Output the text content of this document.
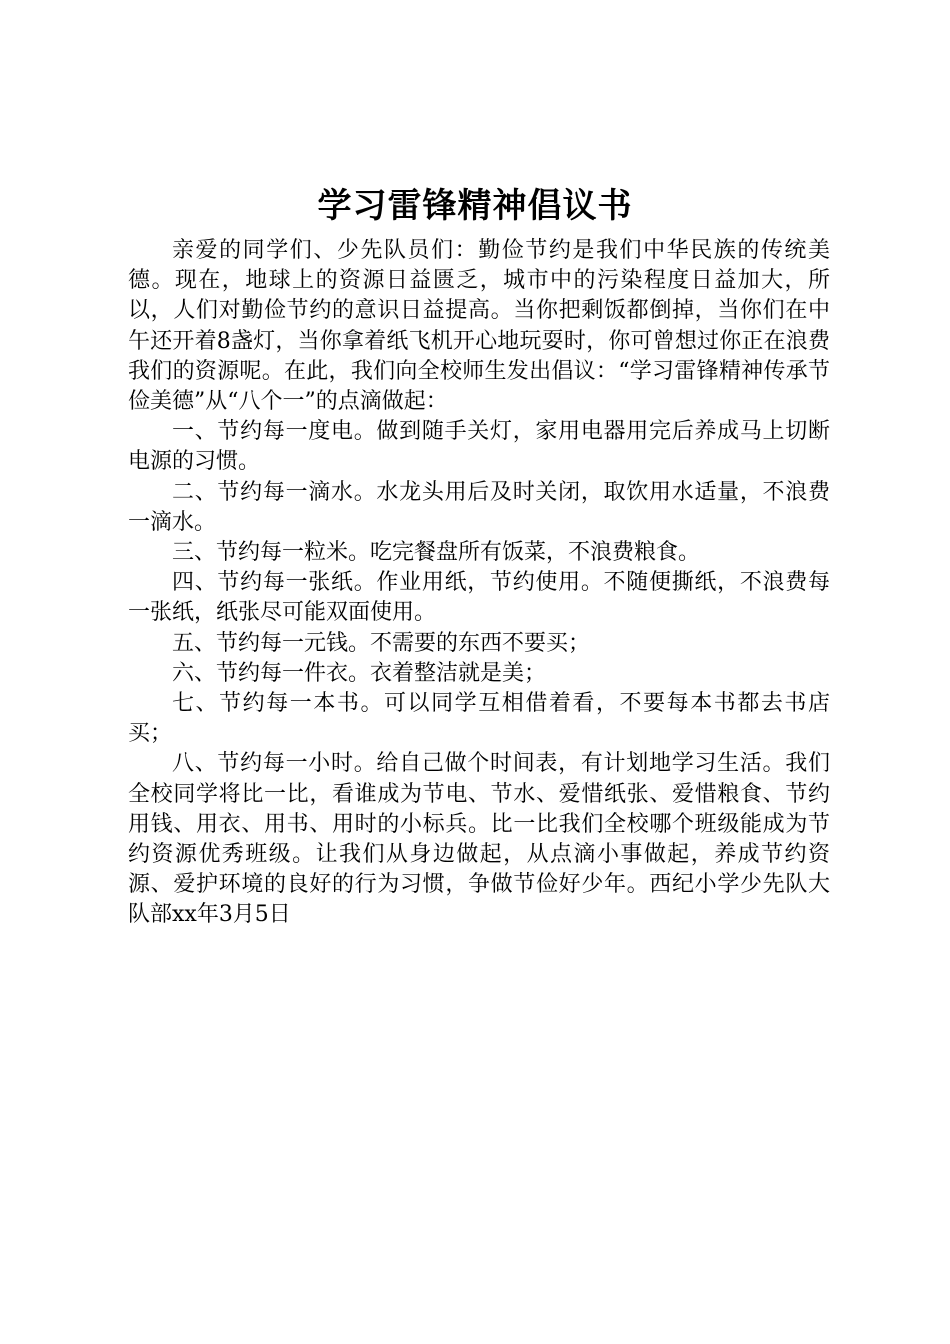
学习雷锋精神倡议书

亲爱的同学们、少先队员们：勤俭节约是我们中华民族的传统美德。现在，地球上的资源日益匮乏，城市中的污染程度日益加大，所以，人们对勤俭节约的意识日益提高。当你把剩饭都倒掉，当你们在中午还开着8盏灯，当你拿着纸飞机开心地玩耍时，你可曾想过你正在浪费我们的资源呢。在此，我们向全校师生发出倡议：“学习雷锋精神传承节俭美德”从“八个一”的点滴做起：

一、节约每一度电。做到随手关灯，家用电器用完后养成马上切断电源的习惯。

二、节约每一滴水。水龙头用后及时关闭，取饮用水适量，不浪费一滴水。

三、节约每一粒米。吃完餐盘所有饭菜，不浪费粮食。

四、节约每一张纸。作业用纸，节约使用。不随便撕纸，不浪费每一张纸，纸张尽可能双面使用。

五、节约每一元钱。不需要的东西不要买；

六、节约每一件衣。衣着整洁就是美；

七、节约每一本书。可以同学互相借着看，不要每本书都去书店买；

八、节约每一小时。给自己做个时间表，有计划地学习生活。我们全校同学将比一比，看谁成为节电、节水、爱惜纸张、爱惜粮食、节约用钱、用衣、用书、用时的小标兵。比一比我们全校哪个班级能成为节约资源优秀班级。让我们从身边做起，从点滴小事做起，养成节约资源、爱护环境的良好的行为习惯，争做节俭好少年。西纪小学少先队大队部xx年3月5日
